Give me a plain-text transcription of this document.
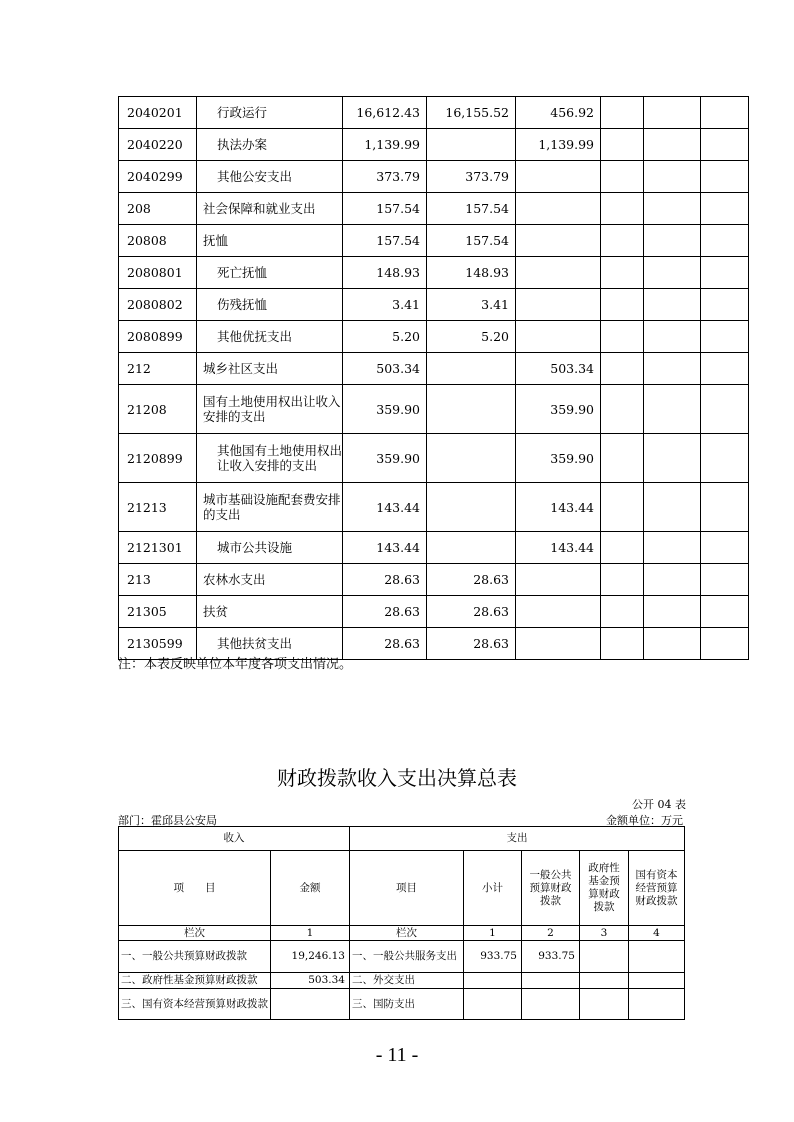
2040201	行政运行	16,612.43	16,155.52	456.92			
2040220	执法办案	1,139.99		1,139.99			
2040299	其他公安支出	373.79	373.79				
208	社会保障和就业支出	157.54	157.54				
20808	抚恤	157.54	157.54				
2080801	死亡抚恤	148.93	148.93				
2080802	伤残抚恤	3.41	3.41				
2080899	其他优抚支出	5.20	5.20				
212	城乡社区支出	503.34		503.34			
21208	国有土地使用权出让收入安排的支出	359.90		359.90			
2120899	其他国有土地使用权出让收入安排的支出	359.90		359.90			
21213	城市基础设施配套费安排的支出	143.44		143.44			
2121301	城市公共设施	143.44		143.44			
213	农林水支出	28.63	28.63				
21305	扶贫	28.63	28.63				
2130599	其他扶贫支出	28.63	28.63				
注：本表反映单位本年度各项支出情况。
财政拨款收入支出决算总表
公开 04 表
部门：霍邱县公安局	金额单位：万元
收入		支出				
项　　目	金额	项目	小计	一般公共预算财政拨款	政府性基金预算财政拨款	国有资本经营预算财政拨款
栏次	1	栏次	1	2	3	4
一、一般公共预算财政拨款	19,246.13	一、一般公共服务支出	933.75	933.75		
二、政府性基金预算财政拨款	503.34	二、外交支出				
三、国有资本经营预算财政拨款		三、国防支出				
- 11 -
